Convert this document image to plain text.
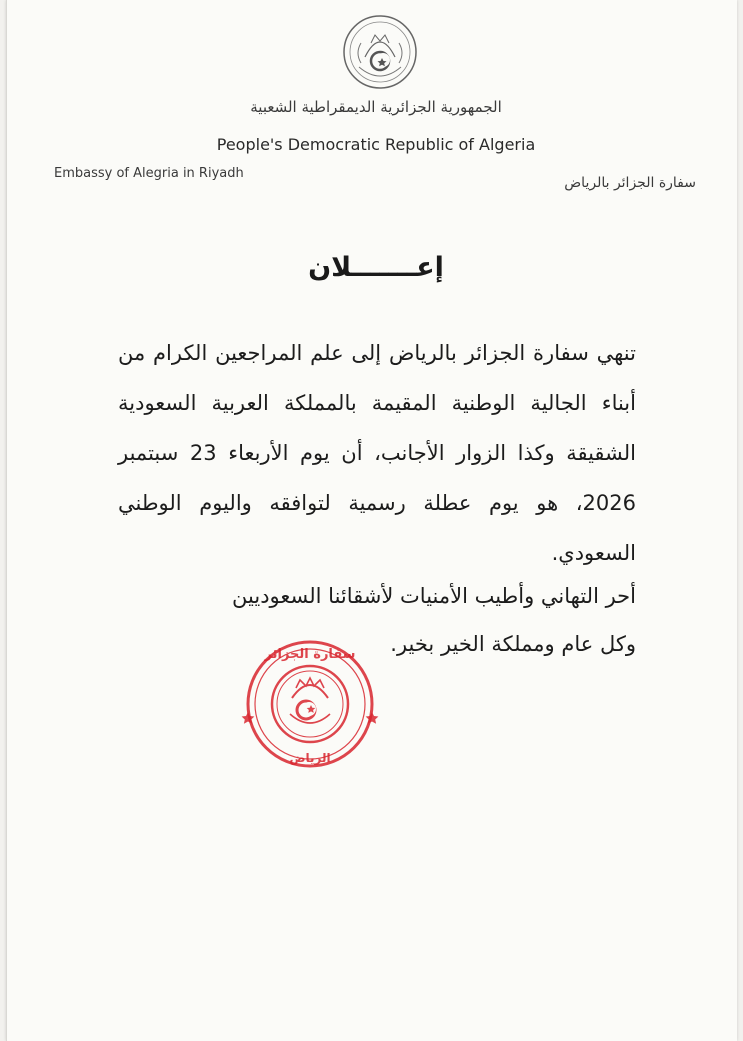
الجمهورية الجزائرية الديمقراطية الشعبية
People's Democratic Republic of Algeria
Embassy of Alegria in Riyadh
سفارة الجزائر بالرياض
إعـــــــلان

تنهي سفارة الجزائر بالرياض إلى علم المراجعين الكرام من أبناء الجالية الوطنية المقيمة بالمملكة العربية السعودية الشقيقة وكذا الزوار الأجانب، أن يوم الأربعاء 23 سبتمبر 2026، هو يوم عطلة رسمية لتوافقه واليوم الوطني السعودي.

أحر التهاني وأطيب الأمنيات لأشقائنا السعوديين

وكل عام ومملكة الخير بخير.

سفارة الجزائر
الرياض
